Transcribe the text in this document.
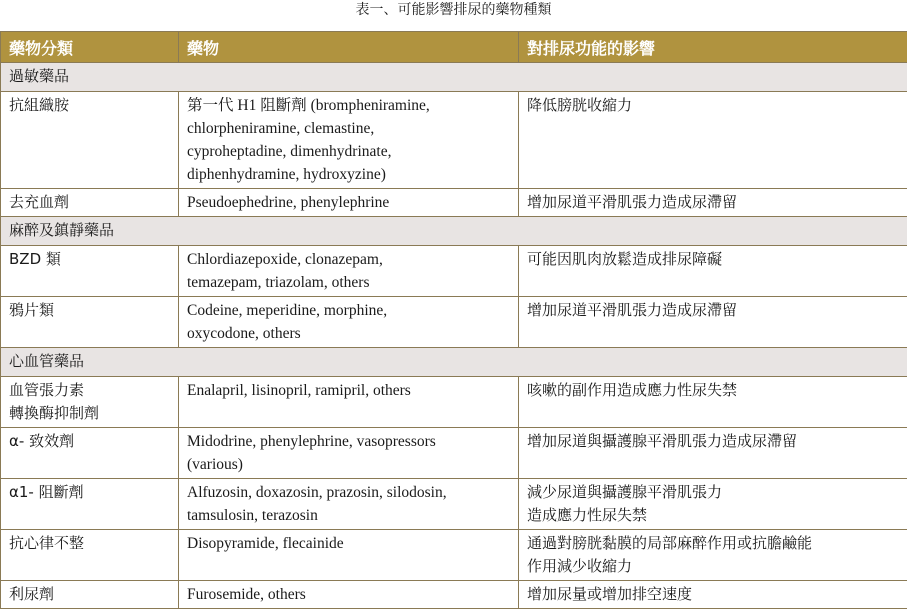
表一、可能影響排尿的藥物種類
藥物分類	藥物	對排尿功能的影響
過敏藥品		
抗組織胺	第一代 H1 阻斷劑 (brompheniramine,
chlorpheniramine, clemastine,
cyproheptadine, dimenhydrinate,
diphenhydramine, hydroxyzine)	降低膀胱收縮力
去充血劑	Pseudoephedrine, phenylephrine	增加尿道平滑肌張力造成尿滯留
麻醉及鎮靜藥品		
BZD 類	Chlordiazepoxide, clonazepam,
temazepam, triazolam, others	可能因肌肉放鬆造成排尿障礙
鴉片類	Codeine, meperidine, morphine,
oxycodone, others	增加尿道平滑肌張力造成尿滯留
心血管藥品		
血管張力素
轉換酶抑制劑	Enalapril, lisinopril, ramipril, others	咳嗽的副作用造成應力性尿失禁
α- 致效劑	Midodrine, phenylephrine, vasopressors
(various)	增加尿道與攝護腺平滑肌張力造成尿滯留
α1- 阻斷劑	Alfuzosin, doxazosin, prazosin, silodosin,
tamsulosin, terazosin	減少尿道與攝護腺平滑肌張力
造成應力性尿失禁
抗心律不整	Disopyramide, flecainide	通過對膀胱黏膜的局部麻醉作用或抗膽鹼能
作用減少收縮力
利尿劑	Furosemide, others	增加尿量或增加排空速度
